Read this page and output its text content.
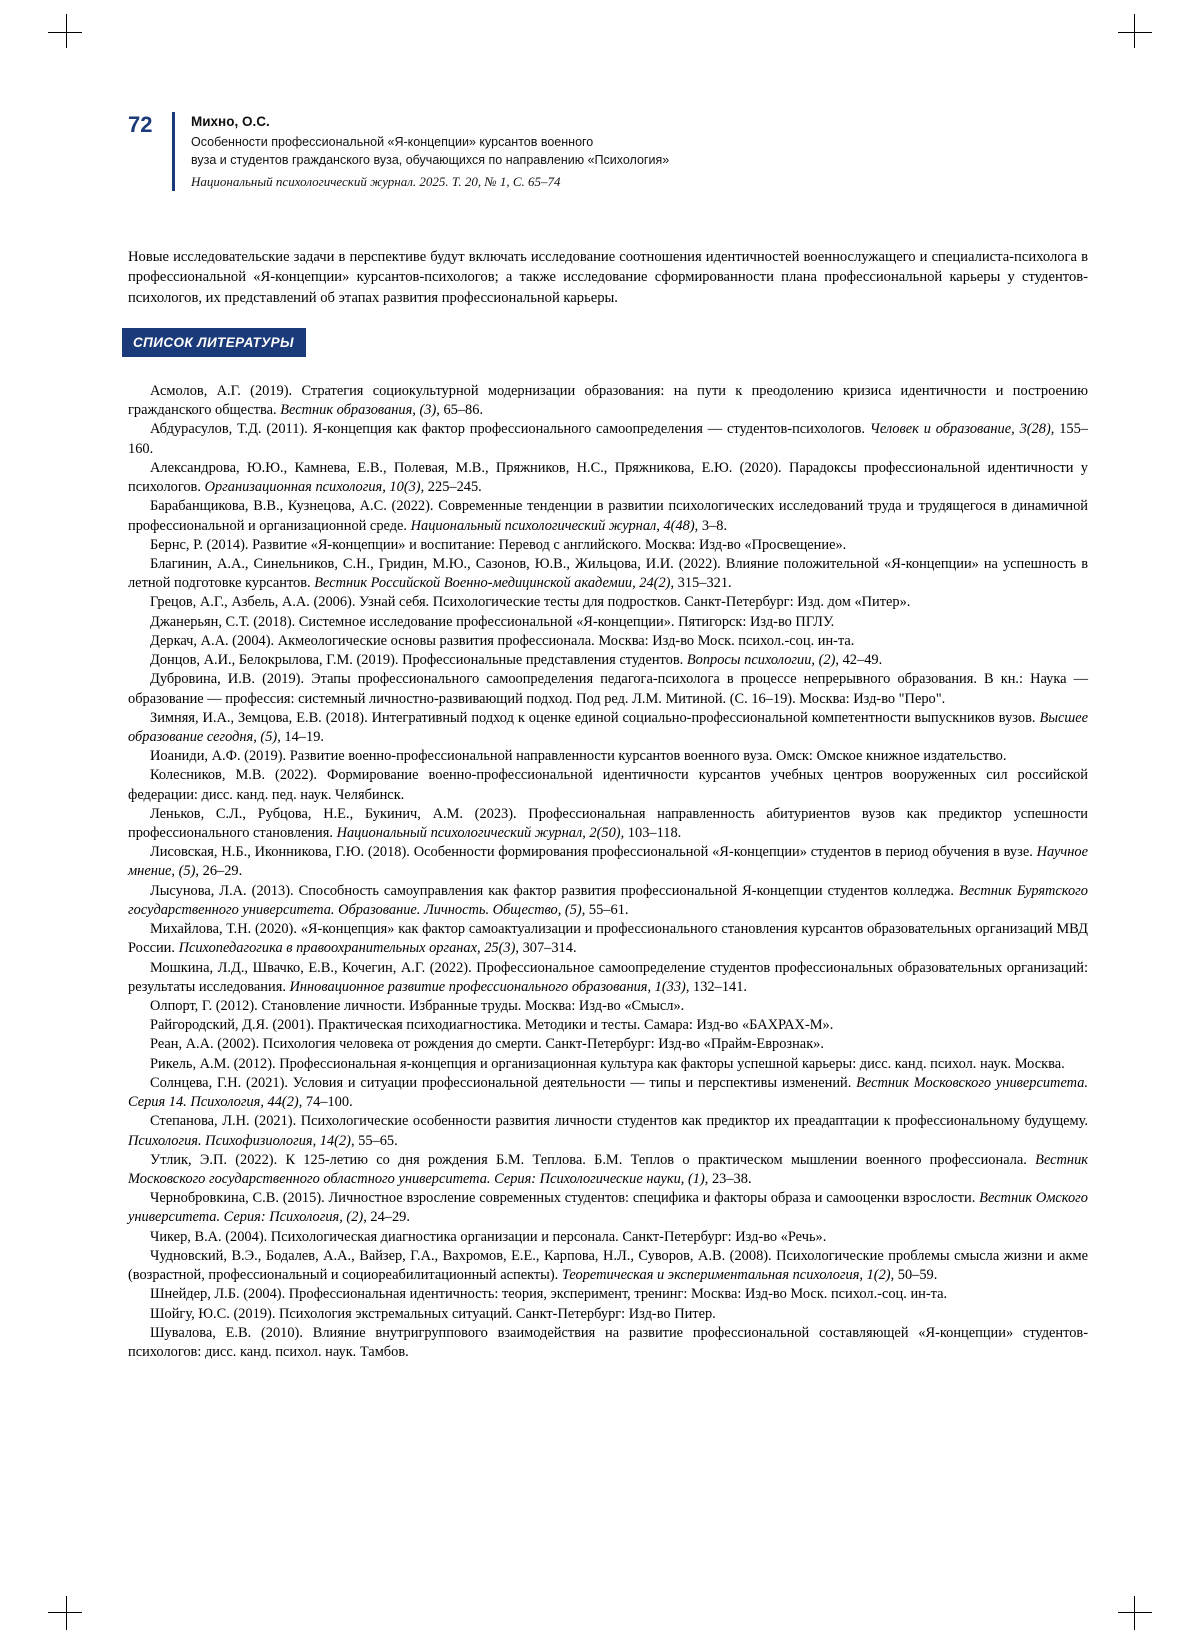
72	Михно, О.С.
Особенности профессиональной «Я-концепции» курсантов военного
вуза и студентов гражданского вуза, обучающихся по направлению «Психология»
Национальный психологический журнал. 2025. Т. 20, № 1, С. 65–74

Новые исследовательские задачи в перспективе будут включать исследование соотношения идентичностей военнослужащего и специалиста-психолога в профессиональной «Я-концепции» курсантов-психологов; а также исследование сформированности плана профессиональной карьеры у студентов-психологов, их представлений об этапах развития профессиональной карьеры.

СПИСОК ЛИТЕРАТУРЫ

Асмолов, А.Г. (2019). Стратегия социокультурной модернизации образования: на пути к преодолению кризиса идентичности и построению гражданского общества. Вестник образования, (3), 65–86.

Абдурасулов, Т.Д. (2011). Я-концепция как фактор профессионального самоопределения — студентов-психологов. Человек и образование, 3(28), 155–160.

Александрова, Ю.Ю., Камнева, Е.В., Полевая, М.В., Пряжников, Н.С., Пряжникова, Е.Ю. (2020). Парадоксы профессиональной идентичности у психологов. Организационная психология, 10(3), 225–245.

Барабанщикова, В.В., Кузнецова, А.С. (2022). Современные тенденции в развитии психологических исследований труда и трудящегося в динамичной профессиональной и организационной среде. Национальный психологический журнал, 4(48), 3–8.

Бернс, Р. (2014). Развитие «Я-концепции» и воспитание: Перевод с английского. Москва: Изд-во «Просвещение».

Благинин, А.А., Синельников, С.Н., Гридин, М.Ю., Сазонов, Ю.В., Жильцова, И.И. (2022). Влияние положительной «Я-концепции» на успешность в летной подготовке курсантов. Вестник Российской Военно-медицинской академии, 24(2), 315–321.

Грецов, А.Г., Азбель, А.А. (2006). Узнай себя. Психологические тесты для подростков. Санкт-Петербург: Изд. дом «Питер».

Джанерьян, С.Т. (2018). Системное исследование профессиональной «Я-концепции». Пятигорск: Изд-во ПГЛУ.

Деркач, А.А. (2004). Акмеологические основы развития профессионала. Москва: Изд-во Моск. психол.-соц. ин-та.

Донцов, А.И., Белокрылова, Г.М. (2019). Профессиональные представления студентов. Вопросы психологии, (2), 42–49.

Дубровина, И.В. (2019). Этапы профессионального самоопределения педагога-психолога в процессе непрерывного образования. В кн.: Наука — образование — профессия: системный личностно-развивающий подход. Под ред. Л.М. Митиной. (С. 16–19). Москва: Изд-во "Перо".

Зимняя, И.А., Земцова, Е.В. (2018). Интегративный подход к оценке единой социально-профессиональной компетентности выпускников вузов. Высшее образование сегодня, (5), 14–19.

Иоаниди, А.Ф. (2019). Развитие военно-профессиональной направленности курсантов военного вуза. Омск: Омское книжное издательство.

Колесников, М.В. (2022). Формирование военно-профессиональной идентичности курсантов учебных центров вооруженных сил российской федерации: дисс. канд. пед. наук. Челябинск.

Леньков, С.Л., Рубцова, Н.Е., Букинич, А.М. (2023). Профессиональная направленность абитуриентов вузов как предиктор успешности профессионального становления. Национальный психологический журнал, 2(50), 103–118.

Лисовская, Н.Б., Иконникова, Г.Ю. (2018). Особенности формирования профессиональной «Я-концепции» студентов в период обучения в вузе. Научное мнение, (5), 26–29.

Лысунова, Л.А. (2013). Способность самоуправления как фактор развития профессиональной Я-концепции студентов колледжа. Вестник Бурятского государственного университета. Образование. Личность. Общество, (5), 55–61.

Михайлова, Т.Н. (2020). «Я-концепция» как фактор самоактуализации и профессионального становления курсантов образовательных организаций МВД России. Психопедагогика в правоохранительных органах, 25(3), 307–314.

Мошкина, Л.Д., Швачко, Е.В., Кочегин, А.Г. (2022). Профессиональное самоопределение студентов профессиональных образовательных организаций: результаты исследования. Инновационное развитие профессионального образования, 1(33), 132–141.

Олпорт, Г. (2012). Становление личности. Избранные труды. Москва: Изд-во «Смысл».

Райгородский, Д.Я. (2001). Практическая психодиагностика. Методики и тесты. Самара: Изд-во «БАХРАХ-М».

Реан, А.А. (2002). Психология человека от рождения до смерти. Санкт-Петербург: Изд-во «Прайм-Еврознак».

Рикель, А.М. (2012). Профессиональная я-концепция и организационная культура как факторы успешной карьеры: дисс. канд. психол. наук. Москва.

Солнцева, Г.Н. (2021). Условия и ситуации профессиональной деятельности — типы и перспективы изменений. Вестник Московского университета. Серия 14. Психология, 44(2), 74–100.

Степанова, Л.Н. (2021). Психологические особенности развития личности студентов как предиктор их преадаптации к профессиональному будущему. Психология. Психофизиология, 14(2), 55–65.

Утлик, Э.П. (2022). К 125-летию со дня рождения Б.М. Теплова. Б.М. Теплов о практическом мышлении военного профессионала. Вестник Московского государственного областного университета. Серия: Психологические науки, (1), 23–38.

Чернобровкина, С.В. (2015). Личностное взросление современных студентов: специфика и факторы образа и самооценки взрослости. Вестник Омского университета. Серия: Психология, (2), 24–29.

Чикер, В.А. (2004). Психологическая диагностика организации и персонала. Санкт-Петербург: Изд-во «Речь».

Чудновский, В.Э., Бодалев, А.А., Вайзер, Г.А., Вахромов, Е.Е., Карпова, Н.Л., Суворов, А.В. (2008). Психологические проблемы смысла жизни и акме (возрастной, профессиональный и социореабилитационный аспекты). Теоретическая и экспериментальная психология, 1(2), 50–59.

Шнейдер, Л.Б. (2004). Профессиональная идентичность: теория, эксперимент, тренинг: Москва: Изд-во Моск. психол.-соц. ин-та.

Шойгу, Ю.С. (2019). Психология экстремальных ситуаций. Санкт-Петербург: Изд-во Питер.

Шувалова, Е.В. (2010). Влияние внутригруппового взаимодействия на развитие профессиональной составляющей «Я-концепции» студентов-психологов: дисс. канд. психол. наук. Тамбов.
